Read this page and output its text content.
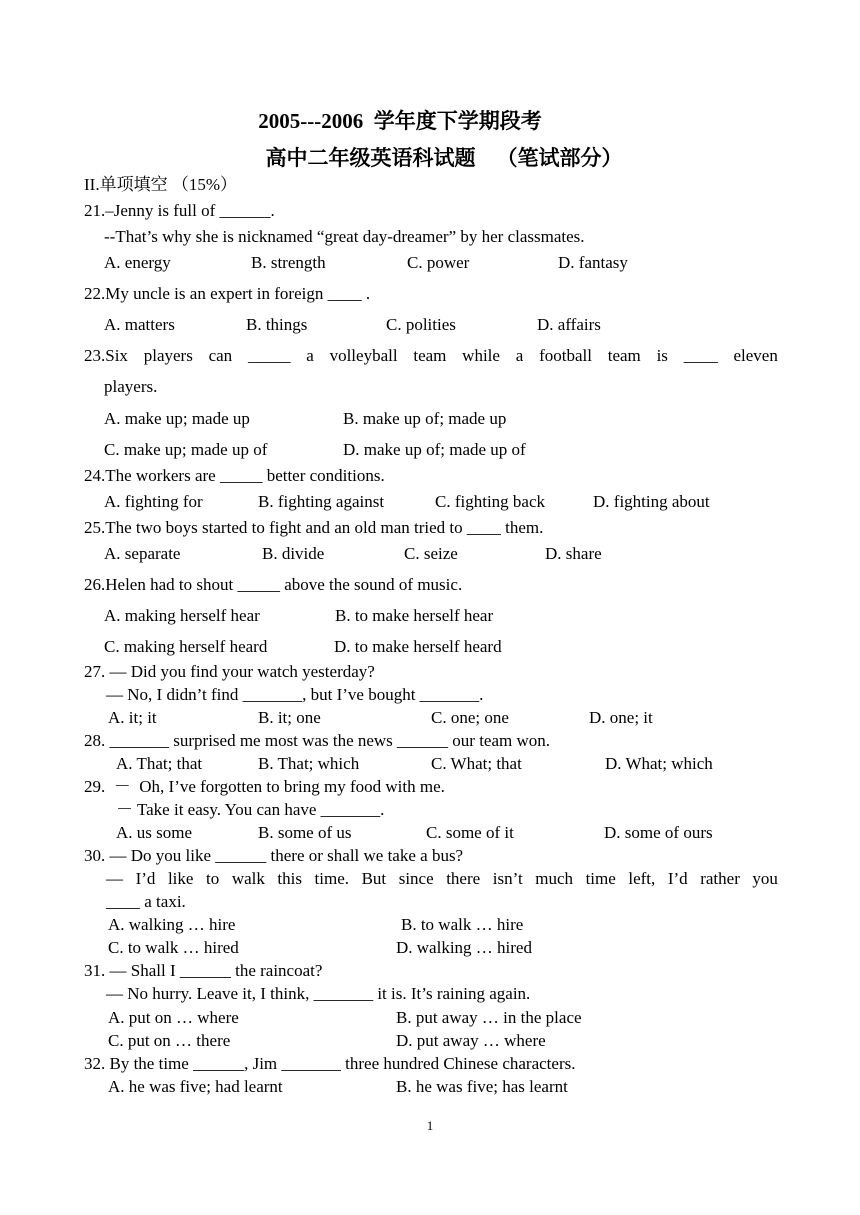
2005---2006  学年度下学期段考
高中二年级英语科试题    （笔试部分）
II.单项填空 （15%）
21.–Jenny is full of ______.
--That’s why she is nicknamed “great day-dreamer” by her classmates.
A. energy	B. strength	C. power	D. fantasy
22.My uncle is an expert in foreign ____ .
A. matters	B. things	C. polities	D. affairs
23.Six players can _____ a volleyball team while a football team is ____ eleven
players.
A. make up; made up	B. make up of; made up
C. make up; made up of	D. make up of; made up of
24.The workers are _____ better conditions.
A. fighting for	B. fighting against	C. fighting back	D. fighting about
25.The two boys started to fight and an old man tried to ____ them.
A. separate	B. divide	C. seize	D. share
26.Helen had to shout _____ above the sound of music.
A. making herself hear	B. to make herself hear
C. making herself heard	D. to make herself heard
27. — Did you find your watch yesterday?
— No, I didn’t find _______, but I’ve bought _______.
A. it; it	B. it; one	C. one; one	D. one; it
28. _______ surprised me most was the news ______ our team won.
A. That; that	B. That; which	C. What; that	D. What; which
29.  －  Oh, I’ve forgotten to bring my food with me.
－ Take it easy. You can have _______.
A. us some	B. some of us	C. some of it	D. some of ours
30. — Do you like ______ there or shall we take a bus?
— I’d like to walk this time. But since there isn’t much time left, I’d rather you
____ a taxi.
A. walking … hire	B. to walk … hire
C. to walk … hired	D. walking … hired
31. — Shall I ______ the raincoat?
— No hurry. Leave it, I think, _______ it is. It’s raining again.
A. put on … where	B. put away … in the place
C. put on … there	D. put away … where
32. By the time ______, Jim _______ three hundred Chinese characters.
A. he was five; had learnt	B. he was five; has learnt
1
